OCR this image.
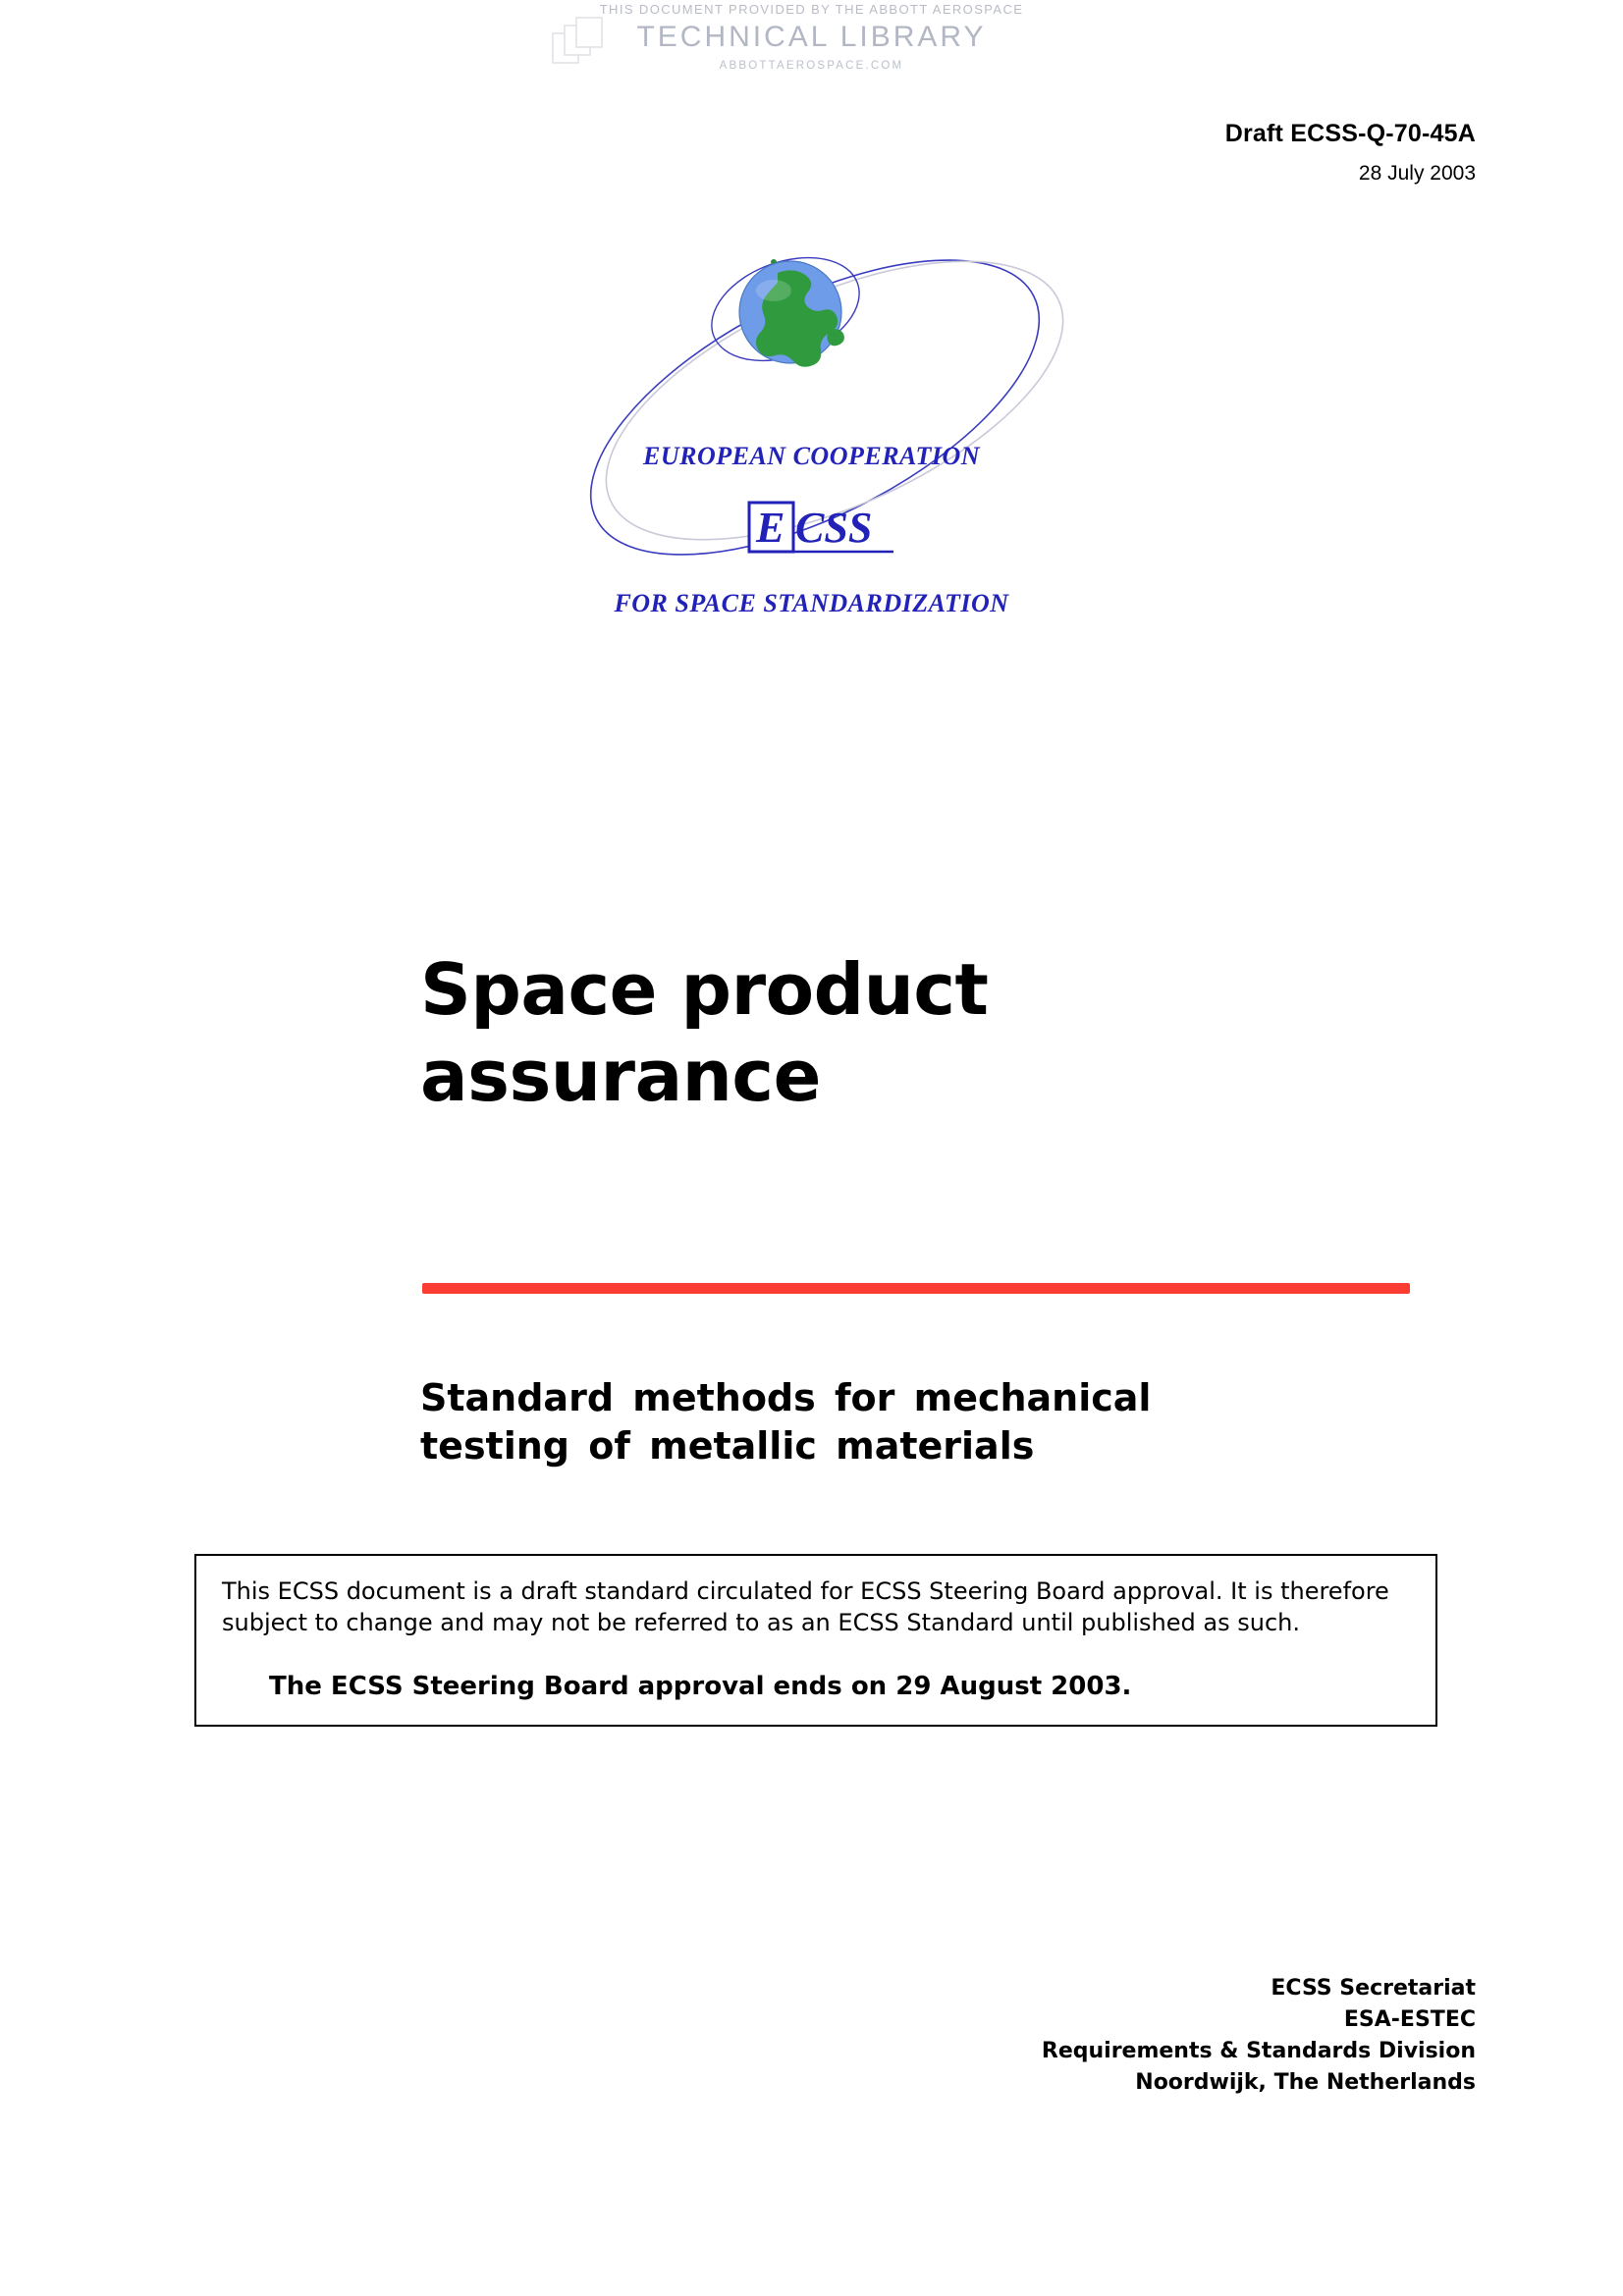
THIS DOCUMENT PROVIDED BY THE ABBOTT AEROSPACE
TECHNICAL LIBRARY
ABBOTTAEROSPACE.COM
Draft ECSS-Q-70-45A
28 July 2003
E CSS
EUROPEAN COOPERATION
FOR SPACE STANDARDIZATION
Space product
assurance
Standard methods for mechanical
testing of metallic materials
This ECSS document is a draft standard circulated for ECSS Steering Board approval. It is therefore subject to change and may not be referred to as an ECSS Standard until published as such.
The ECSS Steering Board approval ends on 29 August 2003.
ECSS Secretariat
ESA-ESTEC
Requirements & Standards Division
Noordwijk, The Netherlands
